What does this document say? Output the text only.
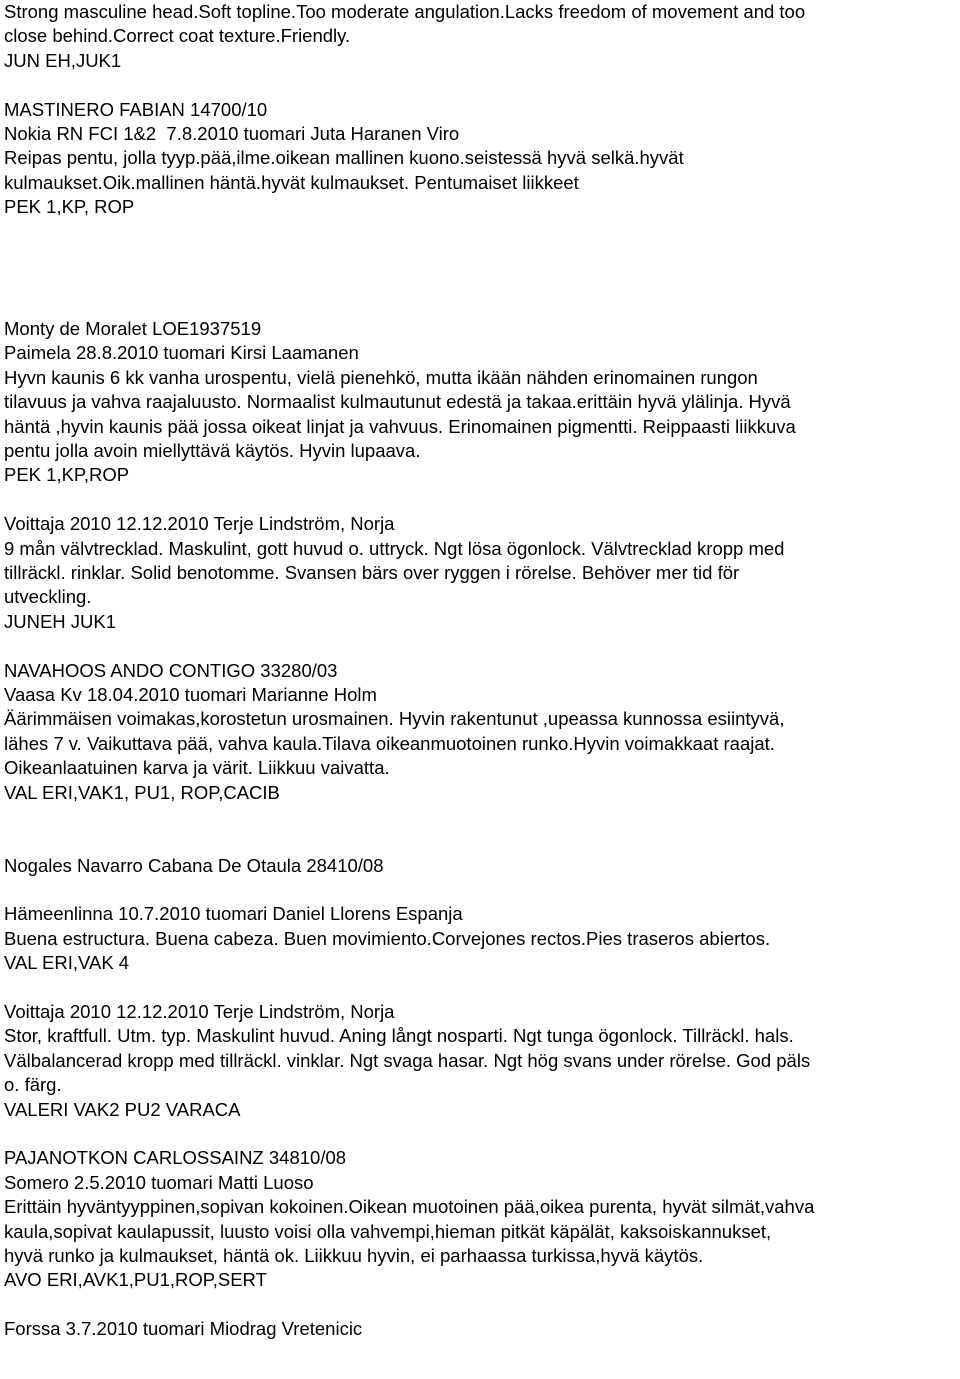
Strong masculine head.Soft topline.Too moderate angulation.Lacks freedom of movement and too
close behind.Correct coat texture.Friendly.
JUN EH,JUK1
MASTINERO FABIAN 14700/10
Nokia RN FCI 1&2  7.8.2010 tuomari Juta Haranen Viro
Reipas pentu, jolla tyyp.pää,ilme.oikean mallinen kuono.seistessä hyvä selkä.hyvät
kulmaukset.Oik.mallinen häntä.hyvät kulmaukset. Pentumaiset liikkeet
PEK 1,KP, ROP
Monty de Moralet LOE1937519
Paimela 28.8.2010 tuomari Kirsi Laamanen
Hyvn kaunis 6 kk vanha urospentu, vielä pienehkö, mutta ikään nähden erinomainen rungon
tilavuus ja vahva raajaluusto. Normaalist kulmautunut edestä ja takaa.erittäin hyvä ylälinja. Hyvä
häntä ,hyvin kaunis pää jossa oikeat linjat ja vahvuus. Erinomainen pigmentti. Reippaasti liikkuva
pentu jolla avoin miellyttävä käytös. Hyvin lupaava.
PEK 1,KP,ROP
Voittaja 2010 12.12.2010 Terje Lindström, Norja
9 mån välvtrecklad. Maskulint, gott huvud o. uttryck. Ngt lösa ögonlock. Välvtrecklad kropp med
tillräckl. rinklar. Solid benotomme. Svansen bärs over ryggen i rörelse. Behöver mer tid för
utveckling.
JUNEH JUK1
NAVAHOOS ANDO CONTIGO 33280/03
Vaasa Kv 18.04.2010 tuomari Marianne Holm
Äärimmäisen voimakas,korostetun urosmainen. Hyvin rakentunut ,upeassa kunnossa esiintyvä,
lähes 7 v. Vaikuttava pää, vahva kaula.Tilava oikeanmuotoinen runko.Hyvin voimakkaat raajat.
Oikeanlaatuinen karva ja värit. Liikkuu vaivatta.
VAL ERI,VAK1, PU1, ROP,CACIB
Nogales Navarro Cabana De Otaula 28410/08
Hämeenlinna 10.7.2010 tuomari Daniel Llorens Espanja
Buena estructura. Buena cabeza. Buen movimiento.Corvejones rectos.Pies traseros abiertos.
VAL ERI,VAK 4
Voittaja 2010 12.12.2010 Terje Lindström, Norja
Stor, kraftfull. Utm. typ. Maskulint huvud. Aning långt nosparti. Ngt tunga ögonlock. Tillräckl. hals.
Välbalancerad kropp med tillräckl. vinklar. Ngt svaga hasar. Ngt hög svans under rörelse. God päls
o. färg.
VALERI VAK2 PU2 VARACA
PAJANOTKON CARLOSSAINZ 34810/08
Somero 2.5.2010 tuomari Matti Luoso
Erittäin hyväntyyppinen,sopivan kokoinen.Oikean muotoinen pää,oikea purenta, hyvät silmät,vahva
kaula,sopivat kaulapussit, luusto voisi olla vahvempi,hieman pitkät käpälät, kaksoiskannukset,
hyvä runko ja kulmaukset, häntä ok. Liikkuu hyvin, ei parhaassa turkissa,hyvä käytös.
AVO ERI,AVK1,PU1,ROP,SERT
Forssa 3.7.2010 tuomari Miodrag Vretenicic
